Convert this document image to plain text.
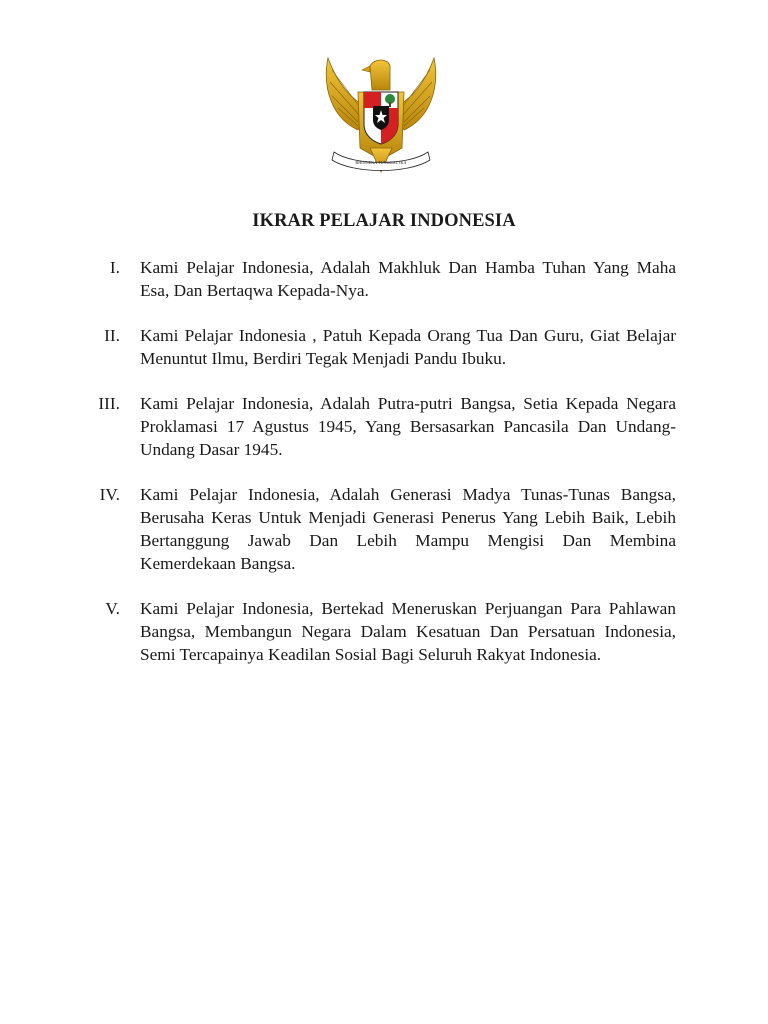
BHINNEKA TUNGGAL IKA
IKRAR PELAJAR INDONESIA
I. Kami Pelajar Indonesia, Adalah Makhluk Dan Hamba Tuhan Yang Maha Esa, Dan Bertaqwa Kepada-Nya.
II. Kami Pelajar Indonesia , Patuh Kepada Orang Tua Dan Guru, Giat Belajar Menuntut Ilmu, Berdiri Tegak Menjadi Pandu Ibuku.
III. Kami Pelajar Indonesia, Adalah Putra-putri Bangsa, Setia Kepada Negara Proklamasi 17 Agustus 1945, Yang Bersasarkan Pancasila Dan Undang-Undang Dasar 1945.
IV. Kami Pelajar Indonesia, Adalah Generasi Madya Tunas-Tunas Bangsa, Berusaha Keras Untuk Menjadi Generasi Penerus Yang Lebih Baik, Lebih Bertanggung Jawab Dan Lebih Mampu Mengisi Dan Membina Kemerdekaan Bangsa.
V. Kami Pelajar Indonesia, Bertekad Meneruskan Perjuangan Para Pahlawan Bangsa, Membangun Negara Dalam Kesatuan Dan Persatuan Indonesia, Semi Tercapainya Keadilan Sosial Bagi Seluruh Rakyat Indonesia.
